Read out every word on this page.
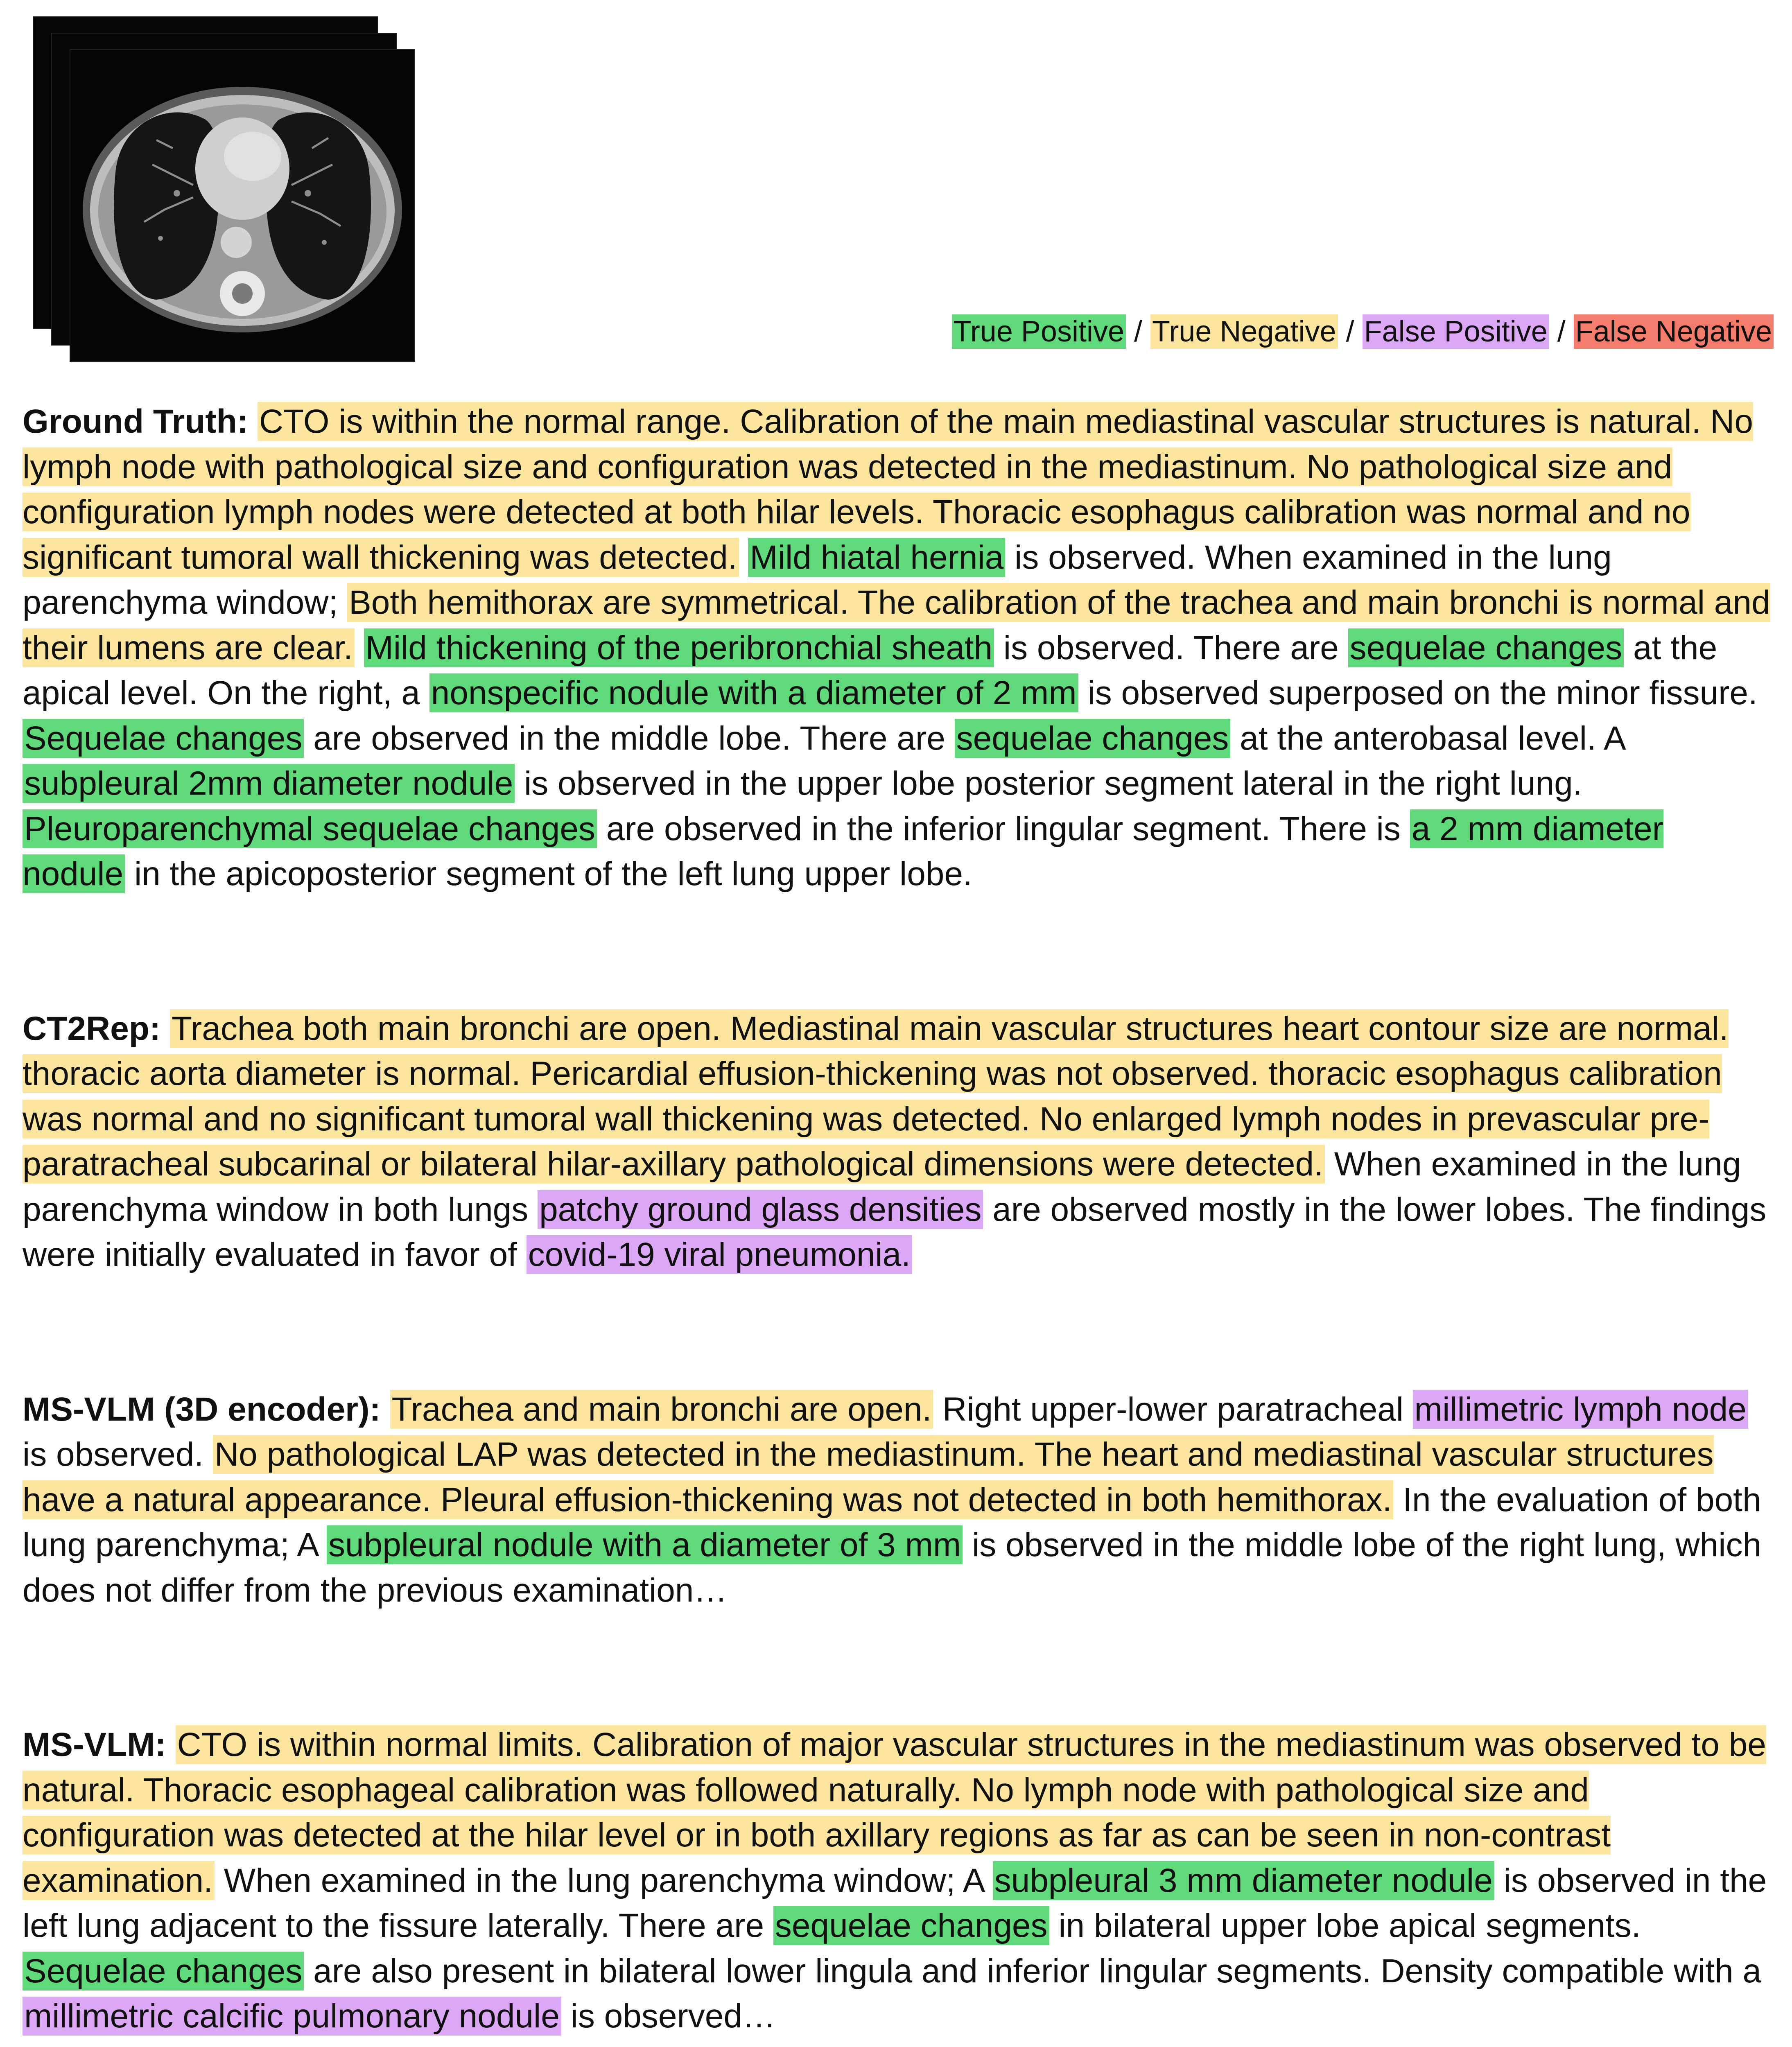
True Positive / True Negative / False Positive / False Negative

Ground Truth: CTO is within the normal range. Calibration of the main mediastinal vascular structures is natural. No lymph node with pathological size and configuration was detected in the mediastinum. No pathological size and configuration lymph nodes were detected at both hilar levels. Thoracic esophagus calibration was normal and no significant tumoral wall thickening was detected. Mild hiatal hernia is observed. When examined in the lung parenchyma window; Both hemithorax are symmetrical. The calibration of the trachea and main bronchi is normal and their lumens are clear. Mild thickening of the peribronchial sheath is observed. There are sequelae changes at the apical level. On the right, a nonspecific nodule with a diameter of 2 mm is observed superposed on the minor fissure. Sequelae changes are observed in the middle lobe. There are sequelae changes at the anterobasal level. A subpleural 2mm diameter nodule is observed in the upper lobe posterior segment lateral in the right lung. Pleuroparenchymal sequelae changes are observed in the inferior lingular segment. There is a 2 mm diameter nodule in the apicoposterior segment of the left lung upper lobe.

CT2Rep: Trachea both main bronchi are open. Mediastinal main vascular structures heart contour size are normal. thoracic aorta diameter is normal. Pericardial effusion-thickening was not observed. thoracic esophagus calibration was normal and no significant tumoral wall thickening was detected. No enlarged lymph nodes in prevascular pre-paratracheal subcarinal or bilateral hilar-axillary pathological dimensions were detected. When examined in the lung parenchyma window in both lungs patchy ground glass densities are observed mostly in the lower lobes. The findings were initially evaluated in favor of covid-19 viral pneumonia.

MS-VLM (3D encoder): Trachea and main bronchi are open. Right upper-lower paratracheal millimetric lymph node is observed. No pathological LAP was detected in the mediastinum. The heart and mediastinal vascular structures have a natural appearance. Pleural effusion-thickening was not detected in both hemithorax. In the evaluation of both lung parenchyma; A subpleural nodule with a diameter of 3 mm is observed in the middle lobe of the right lung, which does not differ from the previous examination…

MS-VLM: CTO is within normal limits. Calibration of major vascular structures in the mediastinum was observed to be natural. Thoracic esophageal calibration was followed naturally. No lymph node with pathological size and configuration was detected at the hilar level or in both axillary regions as far as can be seen in non-contrast examination. When examined in the lung parenchyma window; A subpleural 3 mm diameter nodule is observed in the left lung adjacent to the fissure laterally. There are sequelae changes in bilateral upper lobe apical segments. Sequelae changes are also present in bilateral lower lingula and inferior lingular segments. Density compatible with a millimetric calcific pulmonary nodule is observed…
